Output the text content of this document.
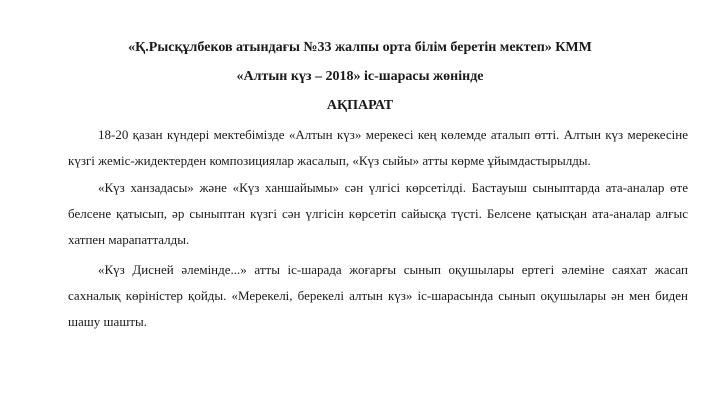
«Қ.Рысқұлбеков атындағы №33 жалпы орта білім беретін мектеп» КММ

«Алтын күз – 2018» іс-шарасы жөнінде

АҚПАРАТ

18-20 қазан күндері мектебімізде «Алтын күз» мерекесі кең көлемде аталып өтті. Алтын күз мерекесіне
күзгі жеміс-жидектерден композициялар жасалып, «Күз сыйы» атты көрме ұйымдастырылды.
«Күз ханзадасы» және «Күз ханшайымы» сән үлгісі көрсетілді. Бастауыш сыныптарда ата-аналар өте
белсене қатысып, әр сыныптан күзгі сән үлгісін көрсетіп сайысқа түсті. Белсене қатысқан ата-аналар алғыс
хатпен марапатталды.
«Күз Дисней әлемінде...» атты іс-шарада жоғарғы сынып оқушылары ертегі әлеміне саяхат жасап
сахналық көріністер қойды. «Мерекелі, берекелі алтын күз» іс-шарасында сынып оқушылары ән мен биден
шашу шашты.
